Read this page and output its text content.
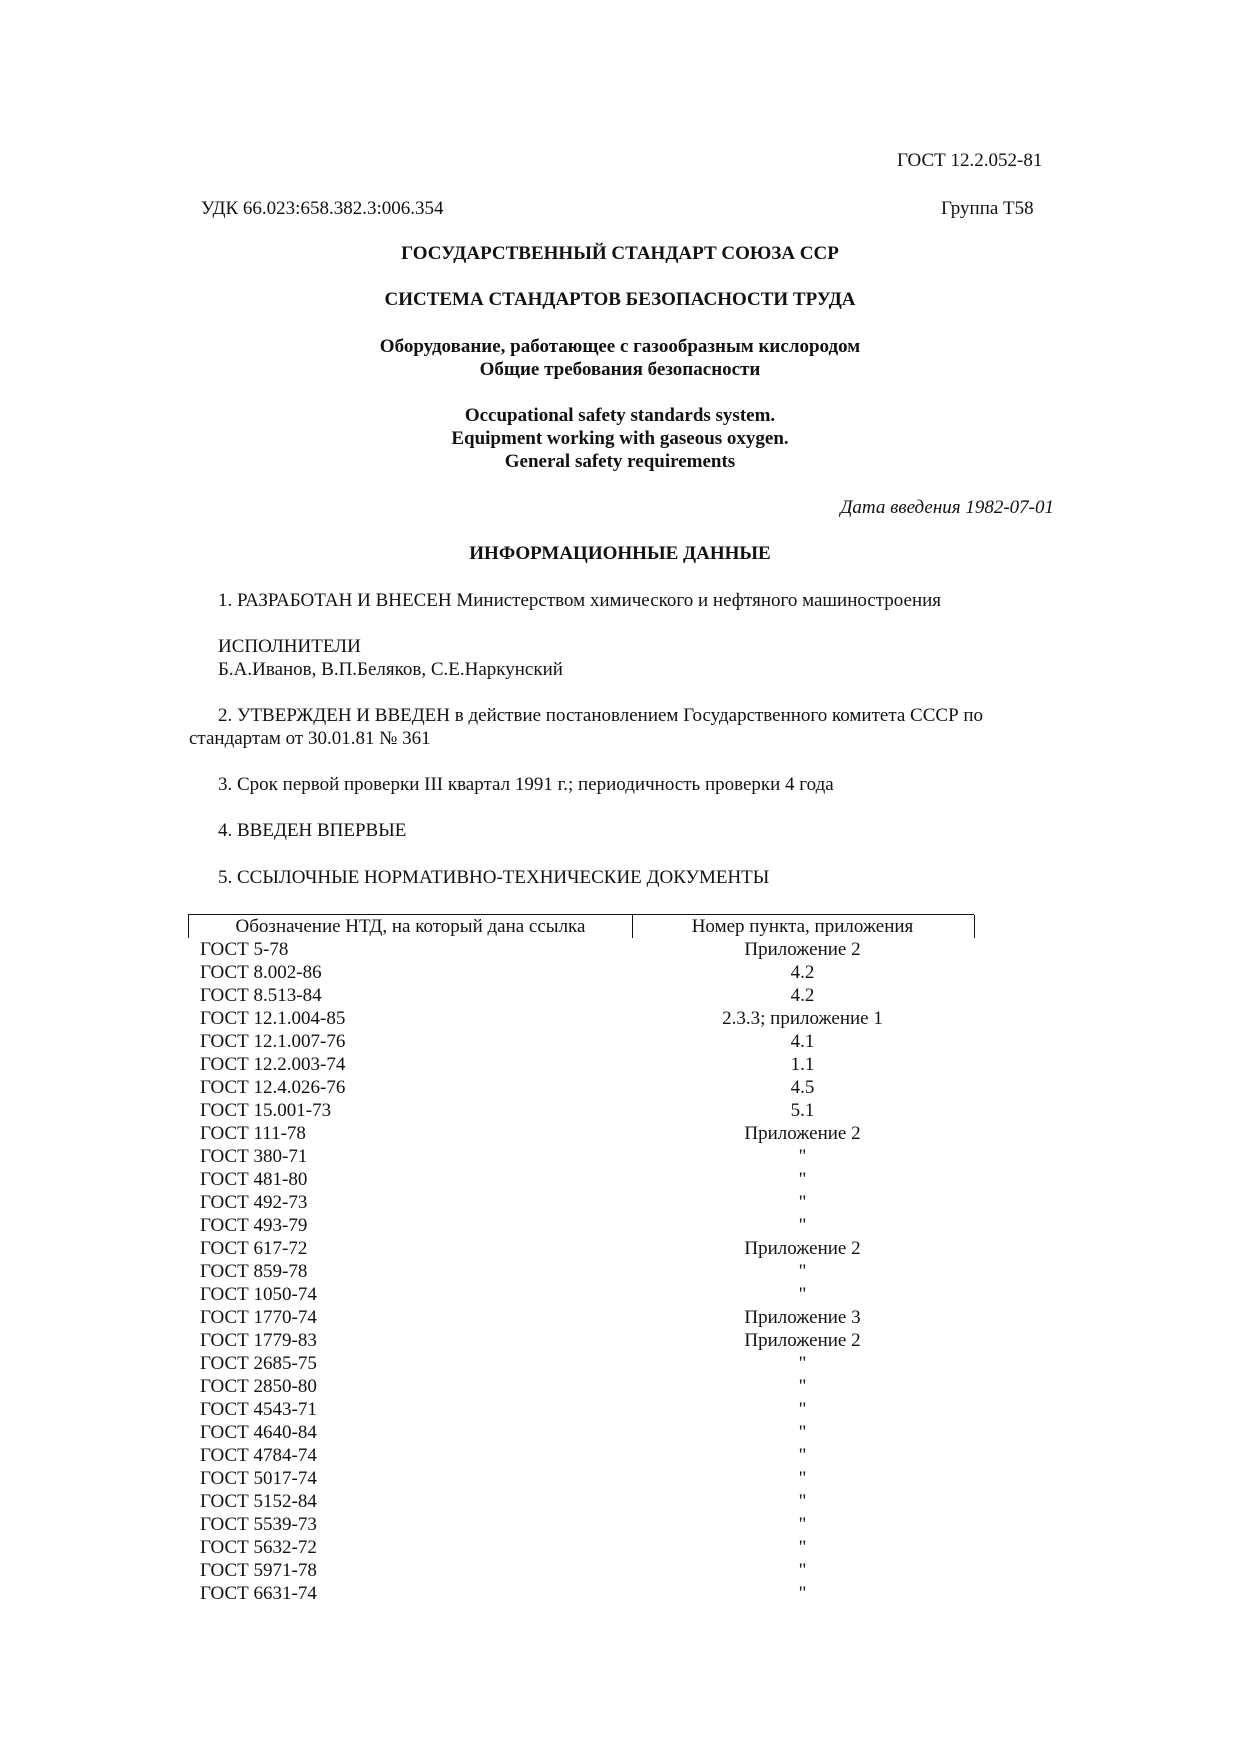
ГОСТ 12.2.052-81
УДК 66.023:658.382.3:006.354	Группа Т58
ГОСУДАРСТВЕННЫЙ СТАНДАРТ СОЮЗА ССР
СИСТЕМА СТАНДАРТОВ БЕЗОПАСНОСТИ ТРУДА
Оборудование, работающее с газообразным кислородом
Общие требования безопасности
Occupational safety standards system.
Equipment working with gaseous oxygen.
General safety requirements
Дата введения 1982-07-01
ИНФОРМАЦИОННЫЕ ДАННЫЕ
1. РАЗРАБОТАН И ВНЕСЕН Министерством химического и нефтяного машиностроения
ИСПОЛНИТЕЛИ
Б.А.Иванов, В.П.Беляков, С.Е.Наркунский
2. УТВЕРЖДЕН И ВВЕДЕН в действие постановлением Государственного комитета СССР по
стандартам от 30.01.81 № 361
3. Срок первой проверки III квартал 1991 г.; периодичность проверки 4 года
4. ВВЕДЕН ВПЕРВЫЕ
5. ССЫЛОЧНЫЕ НОРМАТИВНО-ТЕХНИЧЕСКИЕ ДОКУМЕНТЫ
Обозначение НТД, на который дана ссылка	Номер пункта, приложения
ГОСТ 5-78	Приложение 2
ГОСТ 8.002-86	4.2
ГОСТ 8.513-84	4.2
ГОСТ 12.1.004-85	2.3.3; приложение 1
ГОСТ 12.1.007-76	4.1
ГОСТ 12.2.003-74	1.1
ГОСТ 12.4.026-76	4.5
ГОСТ 15.001-73	5.1
ГОСТ 111-78	Приложение 2
ГОСТ 380-71	"
ГОСТ 481-80	"
ГОСТ 492-73	"
ГОСТ 493-79	"
ГОСТ 617-72	Приложение 2
ГОСТ 859-78	"
ГОСТ 1050-74	"
ГОСТ 1770-74	Приложение 3
ГОСТ 1779-83	Приложение 2
ГОСТ 2685-75	"
ГОСТ 2850-80	"
ГОСТ 4543-71	"
ГОСТ 4640-84	"
ГОСТ 4784-74	"
ГОСТ 5017-74	"
ГОСТ 5152-84	"
ГОСТ 5539-73	"
ГОСТ 5632-72	"
ГОСТ 5971-78	"
ГОСТ 6631-74	"
